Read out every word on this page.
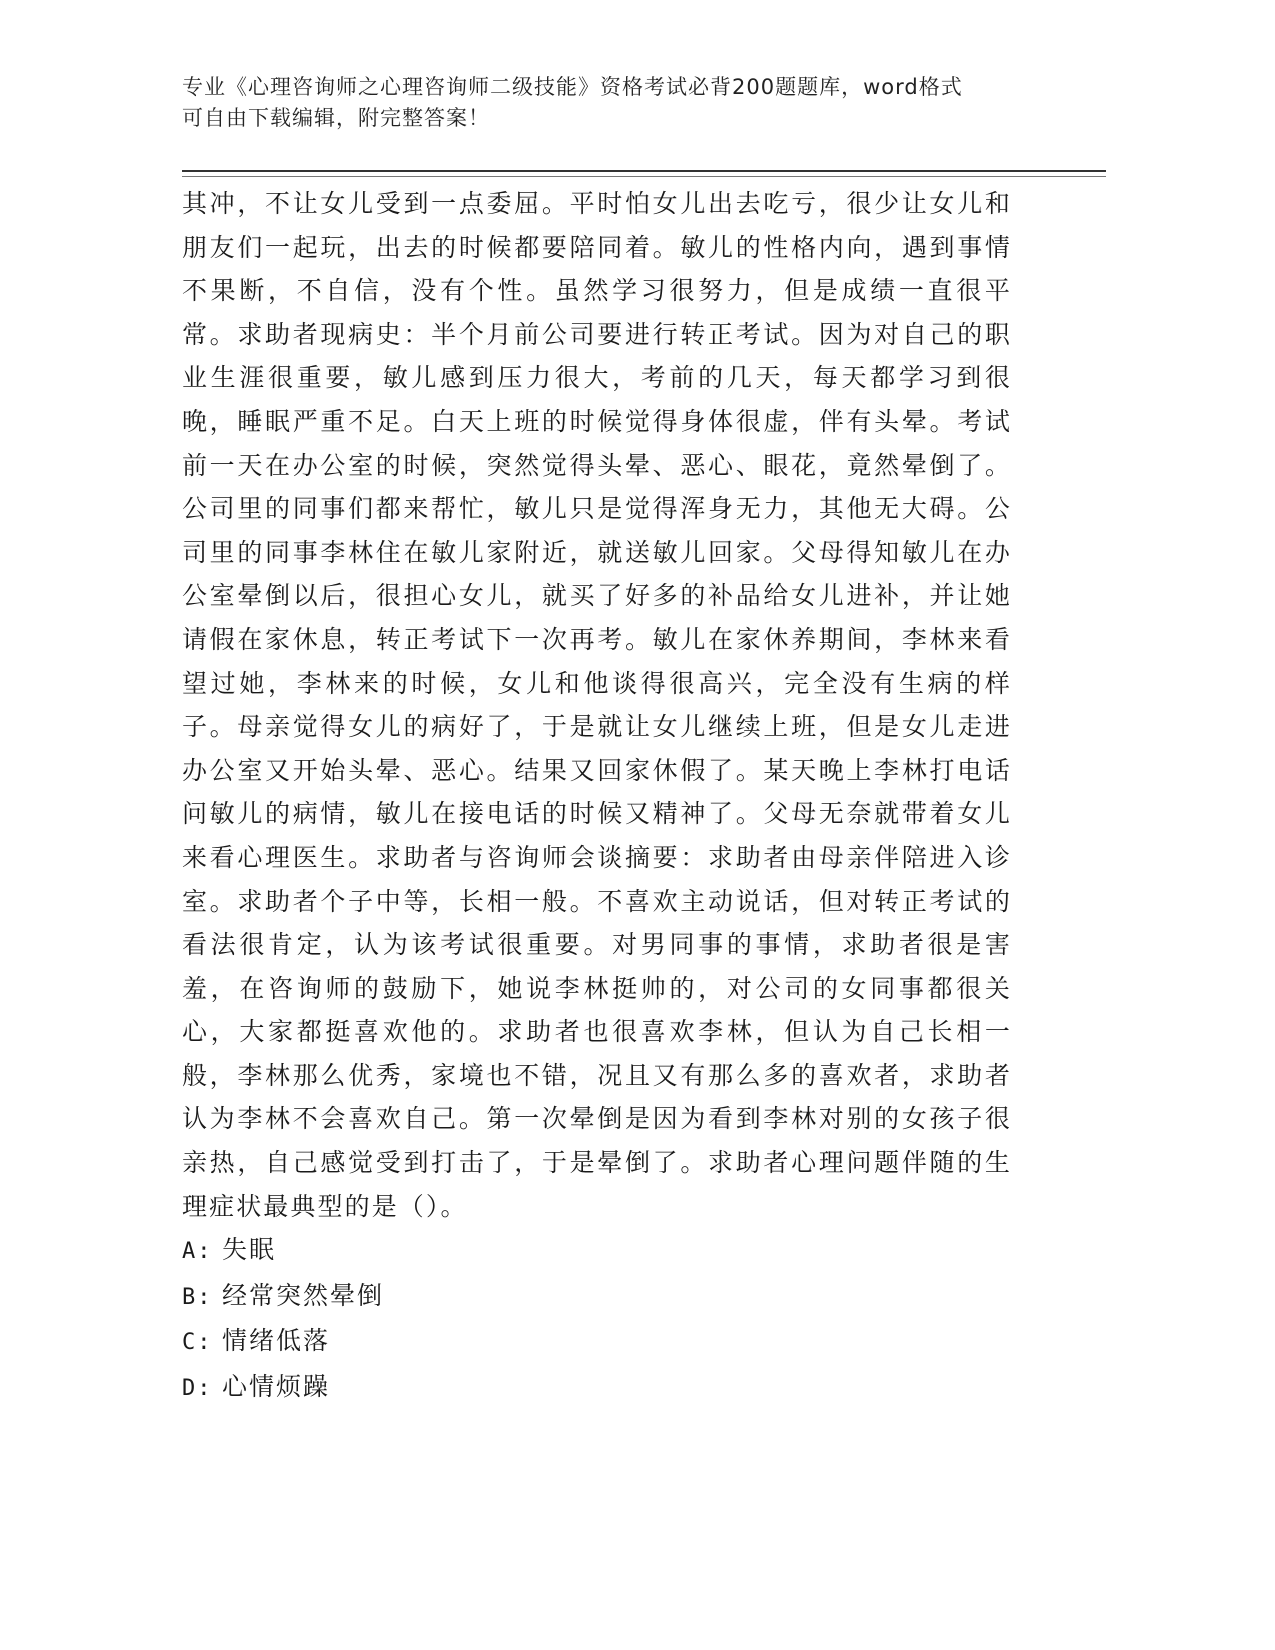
专业《心理咨询师之心理咨询师二级技能》资格考试必背200题题库，word格式
可自由下载编辑，附完整答案！
其冲，不让女儿受到一点委屈。平时怕女儿出去吃亏，很少让女儿和朋友们一起玩，出去的时候都要陪同着。敏儿的性格内向，遇到事情不果断，不自信，没有个性。虽然学习很努力，但是成绩一直很平常。求助者现病史：半个月前公司要进行转正考试。因为对自己的职业生涯很重要，敏儿感到压力很大，考前的几天，每天都学习到很晚，睡眠严重不足。白天上班的时候觉得身体很虚，伴有头晕。考试前一天在办公室的时候，突然觉得头晕、恶心、眼花，竟然晕倒了。公司里的同事们都来帮忙，敏儿只是觉得浑身无力，其他无大碍。公司里的同事李林住在敏儿家附近，就送敏儿回家。父母得知敏儿在办公室晕倒以后，很担心女儿，就买了好多的补品给女儿进补，并让她请假在家休息，转正考试下一次再考。敏儿在家休养期间，李林来看望过她，李林来的时候，女儿和他谈得很高兴，完全没有生病的样子。母亲觉得女儿的病好了，于是就让女儿继续上班，但是女儿走进办公室又开始头晕、恶心。结果又回家休假了。某天晚上李林打电话问敏儿的病情，敏儿在接电话的时候又精神了。父母无奈就带着女儿来看心理医生。求助者与咨询师会谈摘要：求助者由母亲伴陪进入诊室。求助者个子中等，长相一般。不喜欢主动说话，但对转正考试的看法很肯定，认为该考试很重要。对男同事的事情，求助者很是害羞，在咨询师的鼓励下，她说李林挺帅的，对公司的女同事都很关心，大家都挺喜欢他的。求助者也很喜欢李林，但认为自己长相一般，李林那么优秀，家境也不错，况且又有那么多的喜欢者，求助者认为李林不会喜欢自己。第一次晕倒是因为看到李林对别的女孩子很亲热，自己感觉受到打击了，于是晕倒了。求助者心理问题伴随的生理症状最典型的是（）。
A: 失眠
B: 经常突然晕倒
C: 情绪低落
D: 心情烦躁
